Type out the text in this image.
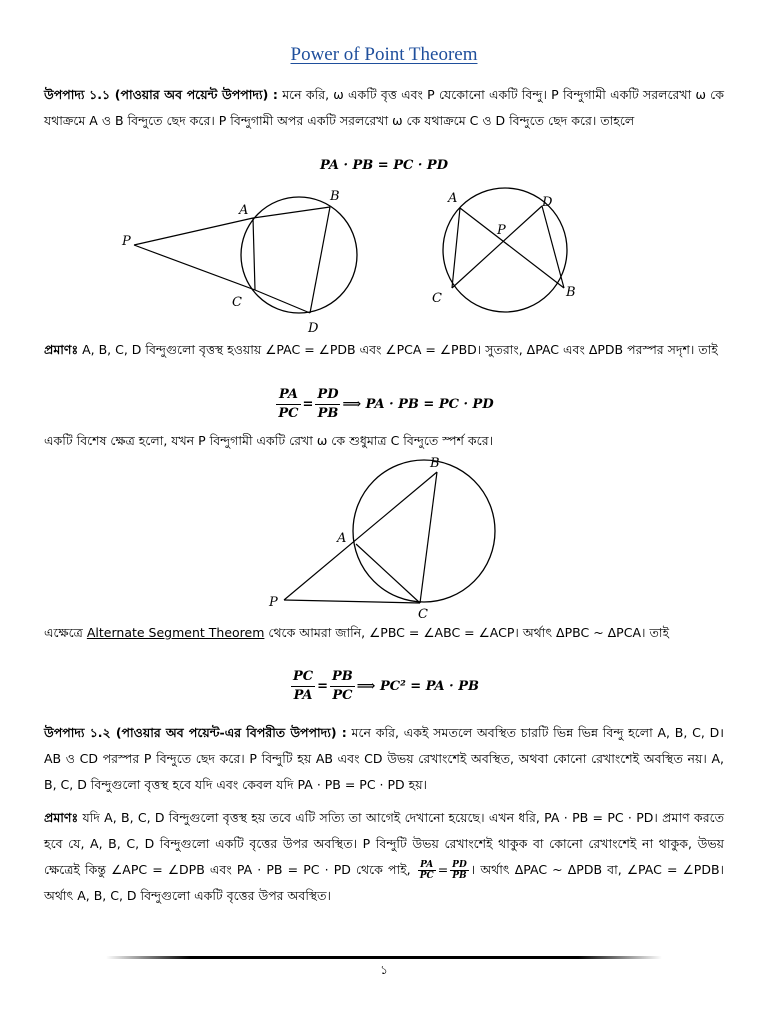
Power of Point Theorem
উপপাদ্য ১.১ (পাওয়ার অব পয়েন্ট উপপাদ্য) : মনে করি, ω একটি বৃত্ত এবং P যেকোনো একটি বিন্দু। P বিন্দুগামী একটি সরলরেখা ω কে যথাক্রমে A ও B বিন্দুতে ছেদ করে। P বিন্দুগামী অপর একটি সরলরেখা ω কে যথাক্রমে C ও D বিন্দুতে ছেদ করে। তাহলে
PA · PB = PC · PD
P
A
B
C
D
A	D
P
C	B
প্রমাণঃ A, B, C, D বিন্দুগুলো বৃত্তস্থ হওয়ায় ∠PAC = ∠PDB এবং ∠PCA = ∠PBD। সুতরাং, ΔPAC এবং ΔPDB পরস্পর সদৃশ। তাই
$\frac{PA}{PC} = \frac{PD}{PB}$ ⟹ PA · PB = PC · PD
একটি বিশেষ ক্ষেত্র হলো, যখন P বিন্দুগামী একটি রেখা ω কে শুধুমাত্র C বিন্দুতে স্পর্শ করে।
B
A
P
C
এক্ষেত্রে Alternate Segment Theorem থেকে আমরা জানি, ∠PBC = ∠ABC = ∠ACP। অর্থাৎ ΔPBC ~ ΔPCA। তাই
$\frac{PC}{PA} = \frac{PB}{PC}$ ⟹ PC² = PA · PB
উপপাদ্য ১.২ (পাওয়ার অব পয়েন্ট-এর বিপরীত উপপাদ্য) : মনে করি, একই সমতলে অবস্থিত চারটি ভিন্ন ভিন্ন বিন্দু হলো A, B, C, D। AB ও CD পরস্পর P বিন্দুতে ছেদ করে। P বিন্দুটি হয় AB এবং CD উভয় রেখাংশেই অবস্থিত, অথবা কোনো রেখাংশেই অবস্থিত নয়। A, B, C, D বিন্দুগুলো বৃত্তস্থ হবে যদি এবং কেবল যদি PA · PB = PC · PD হয়।
প্রমাণঃ যদি A, B, C, D বিন্দুগুলো বৃত্তস্থ হয় তবে এটি সত্যি তা আগেই দেখানো হয়েছে। এখন ধরি, PA · PB = PC · PD। প্রমাণ করতে হবে যে, A, B, C, D বিন্দুগুলো একটি বৃত্তের উপর অবস্থিত। P বিন্দুটি উভয় রেখাংশেই থাকুক বা কোনো রেখাংশেই না থাকুক, উভয় ক্ষেত্রেই কিন্তু ∠APC = ∠DPB এবং PA · PB = PC · PD থেকে পাই, $\frac{PA}{PC} = \frac{PD}{PB}$ । অর্থাৎ ΔPAC ~ ΔPDB বা, ∠PAC = ∠PDB। অর্থাৎ A, B, C, D বিন্দুগুলো একটি বৃত্তের উপর অবস্থিত।
১
